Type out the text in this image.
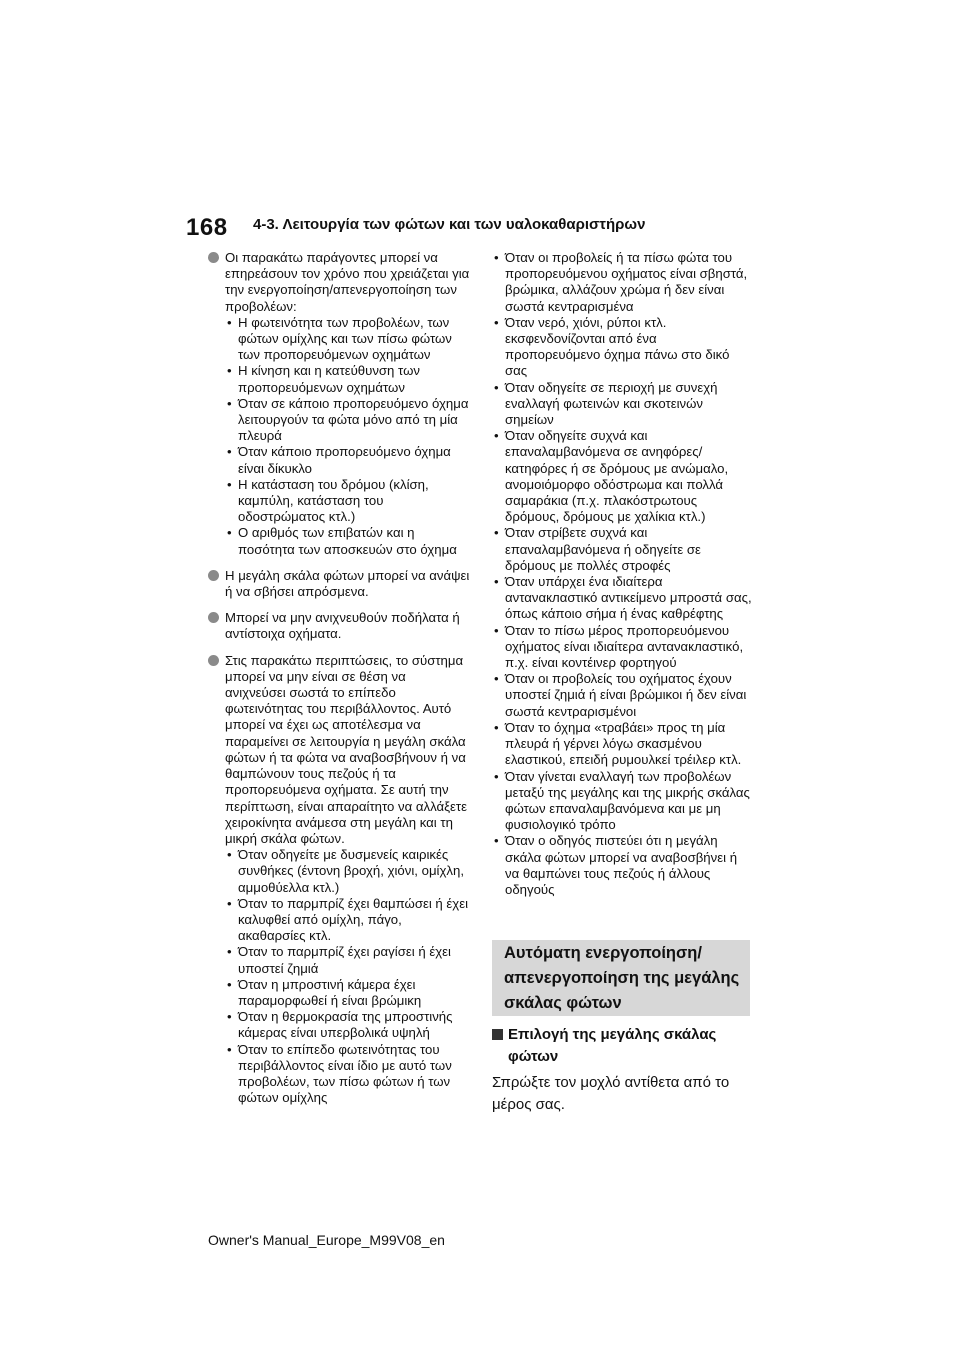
168 4-3. Λειτουργία των φώτων και των υαλοκαθαριστήρων
Οι παρακάτω παράγοντες μπορεί να επηρεάσουν τον χρόνο που χρειάζεται για την ενεργοποίηση/απενεργοποίηση των προβολέων:
• Η φωτεινότητα των προβολέων, των φώτων ομίχλης και των πίσω φώτων των προπορευόμενων οχημάτων
• Η κίνηση και η κατεύθυνση των προπορευόμενων οχημάτων
• Όταν σε κάποιο προπορευόμενο όχημα λειτουργούν τα φώτα μόνο από τη μία πλευρά
• Όταν κάποιο προπορευόμενο όχημα είναι δίκυκλο
• Η κατάσταση του δρόμου (κλίση, καμπύλη, κατάσταση του οδοστρώματος κτλ.)
• Ο αριθμός των επιβατών και η ποσότητα των αποσκευών στο όχημα
Η μεγάλη σκάλα φώτων μπορεί να ανάψει ή να σβήσει απρόσμενα.
Μπορεί να μην ανιχνευθούν ποδήλατα ή αντίστοιχα οχήματα.
Στις παρακάτω περιπτώσεις, το σύστημα μπορεί να μην είναι σε θέση να ανιχνεύσει σωστά το επίπεδο φωτεινότητας του περιβάλλοντος. Αυτό μπορεί να έχει ως αποτέλεσμα να παραμείνει σε λειτουργία η μεγάλη σκάλα φώτων ή τα φώτα να αναβοσβήνουν ή να θαμπώνουν τους πεζούς ή τα προπορευόμενα οχήματα. Σε αυτή την περίπτωση, είναι απαραίτητο να αλλάξετε χειροκίνητα ανάμεσα στη μεγάλη και τη μικρή σκάλα φώτων.
• Όταν οδηγείτε με δυσμενείς καιρικές συνθήκες (έντονη βροχή, χιόνι, ομίχλη, αμμοθύελλα κτλ.)
• Όταν το παρμπρίζ έχει θαμπώσει ή έχει καλυφθεί από ομίχλη, πάγο, ακαθαρσίες κτλ.
• Όταν το παρμπρίζ έχει ραγίσει ή έχει υποστεί ζημιά
• Όταν η μπροστινή κάμερα έχει παραμορφωθεί ή είναι βρώμικη
• Όταν η θερμοκρασία της μπροστινής κάμερας είναι υπερβολικά υψηλή
• Όταν το επίπεδο φωτεινότητας του περιβάλλοντος είναι ίδιο με αυτό των προβολέων, των πίσω φώτων ή των φώτων ομίχλης
• Όταν οι προβολείς ή τα πίσω φώτα του προπορευόμενου οχήματος είναι σβηστά, βρώμικα, αλλάζουν χρώμα ή δεν είναι σωστά κεντραρισμένα
• Όταν νερό, χιόνι, ρύποι κτλ. εκσφενδονίζονται από ένα προπορευόμενο όχημα πάνω στο δικό σας
• Όταν οδηγείτε σε περιοχή με συνεχή εναλλαγή φωτεινών και σκοτεινών σημείων
• Όταν οδηγείτε συχνά και επαναλαμβανόμενα σε ανηφόρες/κατηφόρες ή σε δρόμους με ανώμαλο, ανομοιόμορφο οδόστρωμα και πολλά σαμαράκια (π.χ. πλακόστρωτους δρόμους, δρόμους με χαλίκια κτλ.)
• Όταν στρίβετε συχνά και επαναλαμβανόμενα ή οδηγείτε σε δρόμους με πολλές στροφές
• Όταν υπάρχει ένα ιδιαίτερα ανταναклαστικό αντικείμενο μπροστά σας, όπως κάποιο σήμα ή ένας καθρέφτης
• Όταν το πίσω μέρος προπορευόμενου οχήματος είναι ιδιαίτερα ανταναклαστικό, π.χ. είναι κοντέινερ φορτηγού
• Όταν οι προβολείς του οχήματος έχουν υποστεί ζημιά ή είναι βρώμικοι ή δεν είναι σωστά κεντραρισμένοι
• Όταν το όχημα «τραβάει» προς τη μία πλευρά ή γέρνει λόγω σκασμένου ελαστικού, επειδή ρυμουλκεί τρέιλερ κτλ.
• Όταν γίνεται εναλλαγή των προβολέων μεταξύ της μεγάλης και της μικρής σκάλας φώτων επαναλαμβανόμενα και με μη φυσιολογικό τρόπο
• Όταν ο οδηγός πιστεύει ότι η μεγάλη σκάλα φώτων μπορεί να αναβοσβήνει ή να θαμπώνει τους πεζούς ή άλλους οδηγούς
Αυτόματη ενεργοποίηση/απενεργοποίηση της μεγάλης σκάλας φώτων
Επιλογή της μεγάλης σκάλας φώτων
Σπρώξτε τον μοχλό αντίθετα από το μέρος σας.
Owner's Manual_Europe_M99V08_en
